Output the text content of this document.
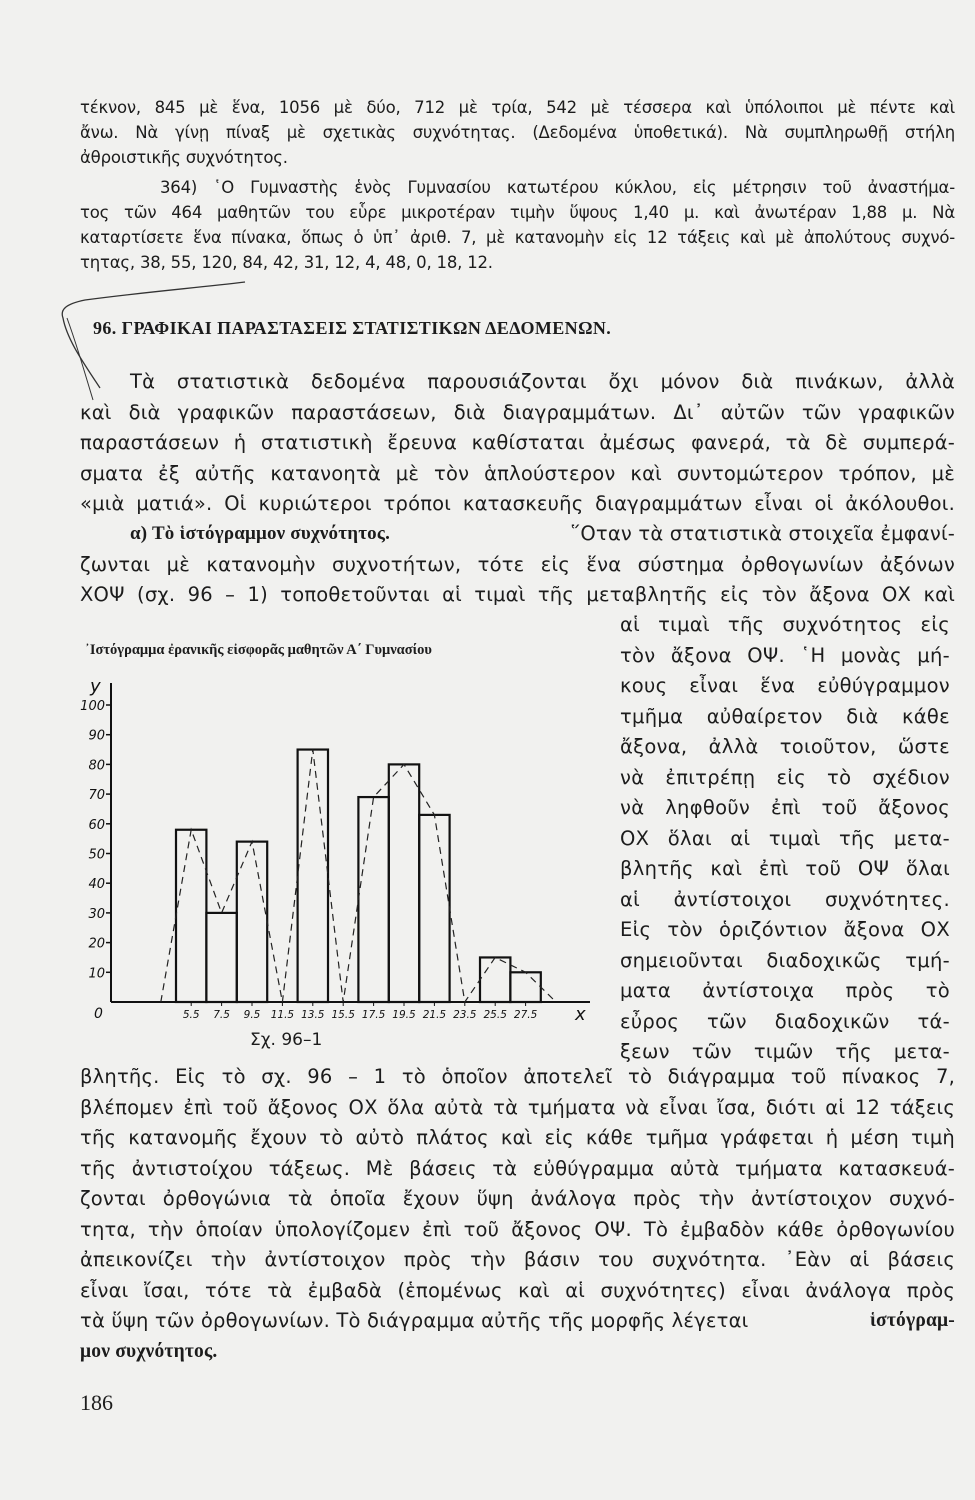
τέκνον, 845 μὲ ἕνα, 1056 μὲ δύο, 712 μὲ τρία, 542 μὲ τέσσερα καὶ ὑπόλοιποι μὲ πέντε καὶ
ἄνω. Νὰ γίνῃ πίναξ μὲ σχετικὰς συχνότητας. (Δεδομένα ὑποθετικά). Νὰ συμπληρωθῇ στήλη
ἀθροιστικῆς συχνότητος.
364) ῾Ο Γυμναστὴς ἑνὸς Γυμνασίου κατωτέρου κύκλου, εἰς μέτρησιν τοῦ ἀναστήμα-
τος τῶν 464 μαθητῶν του εὗρε μικροτέραν τιμὴν ὕψους 1,40 μ. καὶ ἀνωτέραν 1,88 μ. Νὰ
καταρτίσετε ἕνα πίνακα, ὅπως ὁ ὑπ᾿ ἀριθ. 7, μὲ κατανομὴν εἰς 12 τάξεις καὶ μὲ ἀπολύτους συχνό-
τητας, 38, 55, 120, 84, 42, 31, 12, 4, 48, 0, 18, 12.
96. ΓΡΑΦΙΚΑΙ ΠΑΡΑΣΤΑΣΕΙΣ ΣΤΑΤΙΣΤΙΚΩΝ ΔΕΔΟΜΕΝΩΝ.
Τὰ στατιστικὰ δεδομένα παρουσιάζονται ὄχι μόνον διὰ πινάκων, ἀλλὰ
καὶ διὰ γραφικῶν παραστάσεων, διὰ διαγραμμάτων. Δι᾿ αὐτῶν τῶν γραφικῶν
παραστάσεων ἡ στατιστικὴ ἔρευνα καθίσταται ἀμέσως φανερά, τὰ δὲ συμπερά-
σματα ἐξ αὐτῆς κατανοητὰ μὲ τὸν ἁπλούστερον καὶ συντομώτερον τρόπον, μὲ
«μιὰ ματιά». Οἱ κυριώτεροι τρόποι κατασκευῆς διαγραμμάτων εἶναι οἱ ἀκόλουθοι.
α) Τὸ ἱστόγραμμον συχνότητος.	῞Οταν τὰ στατιστικὰ στοιχεῖα ἐμφανί-
ζωνται μὲ κατανομὴν συχνοτήτων, τότε εἰς ἕνα σύστημα ὀρθογωνίων ἀξόνων
ΧΟΨ (σχ. 96 – 1) τοποθετοῦνται αἱ τιμαὶ τῆς μεταβλητῆς εἰς τὸν ἄξονα ΟΧ καὶ
αἱ τιμαὶ τῆς συχνότητος εἰς
τὸν ἄξονα ΟΨ. ῾Η μονὰς μή-
κους εἶναι ἕνα εὐθύγραμμον
τμῆμα αὐθαίρετον διὰ κάθε
ἄξονα, ἀλλὰ τοιοῦτον, ὥστε
νὰ ἐπιτρέπῃ εἰς τὸ σχέδιον
νὰ ληφθοῦν ἐπὶ τοῦ ἄξονος
ΟΧ ὅλαι αἱ τιμαὶ τῆς μετα-
βλητῆς καὶ ἐπὶ τοῦ ΟΨ ὅλαι
αἱ ἀντίστοιχοι συχνότητες.
Εἰς τὸν ὁριζόντιον ἄξονα ΟΧ
σημειοῦνται διαδοχικῶς τμή-
ματα ἀντίστοιχα πρὸς τὸ
εὖρος τῶν διαδοχικῶν τά-
ξεων τῶν τιμῶν τῆς μετα-
᾿Ιστόγραμμα ἐρανικῆς εἰσφορᾶς μαθητῶν Α΄ Γυμνασίου
10
20
30
40
50
60
70
80
90
100
0
y
x
5.5 7.5 9.5 11.5 13.5 15.5 17.5 19.5 21.5 23.5 25.5 27.5
Σχ. 96–1
βλητῆς. Εἰς τὸ σχ. 96 – 1 τὸ ὁποῖον ἀποτελεῖ τὸ διάγραμμα τοῦ πίνακος 7,
βλέπομεν ἐπὶ τοῦ ἄξονος ΟΧ ὅλα αὐτὰ τὰ τμήματα νὰ εἶναι ἴσα, διότι αἱ 12 τάξεις
τῆς κατανομῆς ἔχουν τὸ αὐτὸ πλάτος καὶ εἰς κάθε τμῆμα γράφεται ἡ μέση τιμὴ
τῆς ἀντιστοίχου τάξεως. Μὲ βάσεις τὰ εὐθύγραμμα αὐτὰ τμήματα κατασκευά-
ζονται ὀρθογώνια τὰ ὁποῖα ἔχουν ὕψη ἀνάλογα πρὸς τὴν ἀντίστοιχον συχνό-
τητα, τὴν ὁποίαν ὑπολογίζομεν ἐπὶ τοῦ ἄξονος ΟΨ. Τὸ ἐμβαδὸν κάθε ὀρθογωνίου
ἀπεικονίζει τὴν ἀντίστοιχον πρὸς τὴν βάσιν του συχνότητα. ᾿Εὰν αἱ βάσεις
εἶναι ἴσαι, τότε τὰ ἐμβαδὰ (ἑπομένως καὶ αἱ συχνότητες) εἶναι ἀνάλογα πρὸς
τὰ ὕψη τῶν ὀρθογωνίων. Τὸ διάγραμμα αὐτῆς τῆς μορφῆς λέγεται	ἱστόγραμ-
μον συχνότητος.
186
